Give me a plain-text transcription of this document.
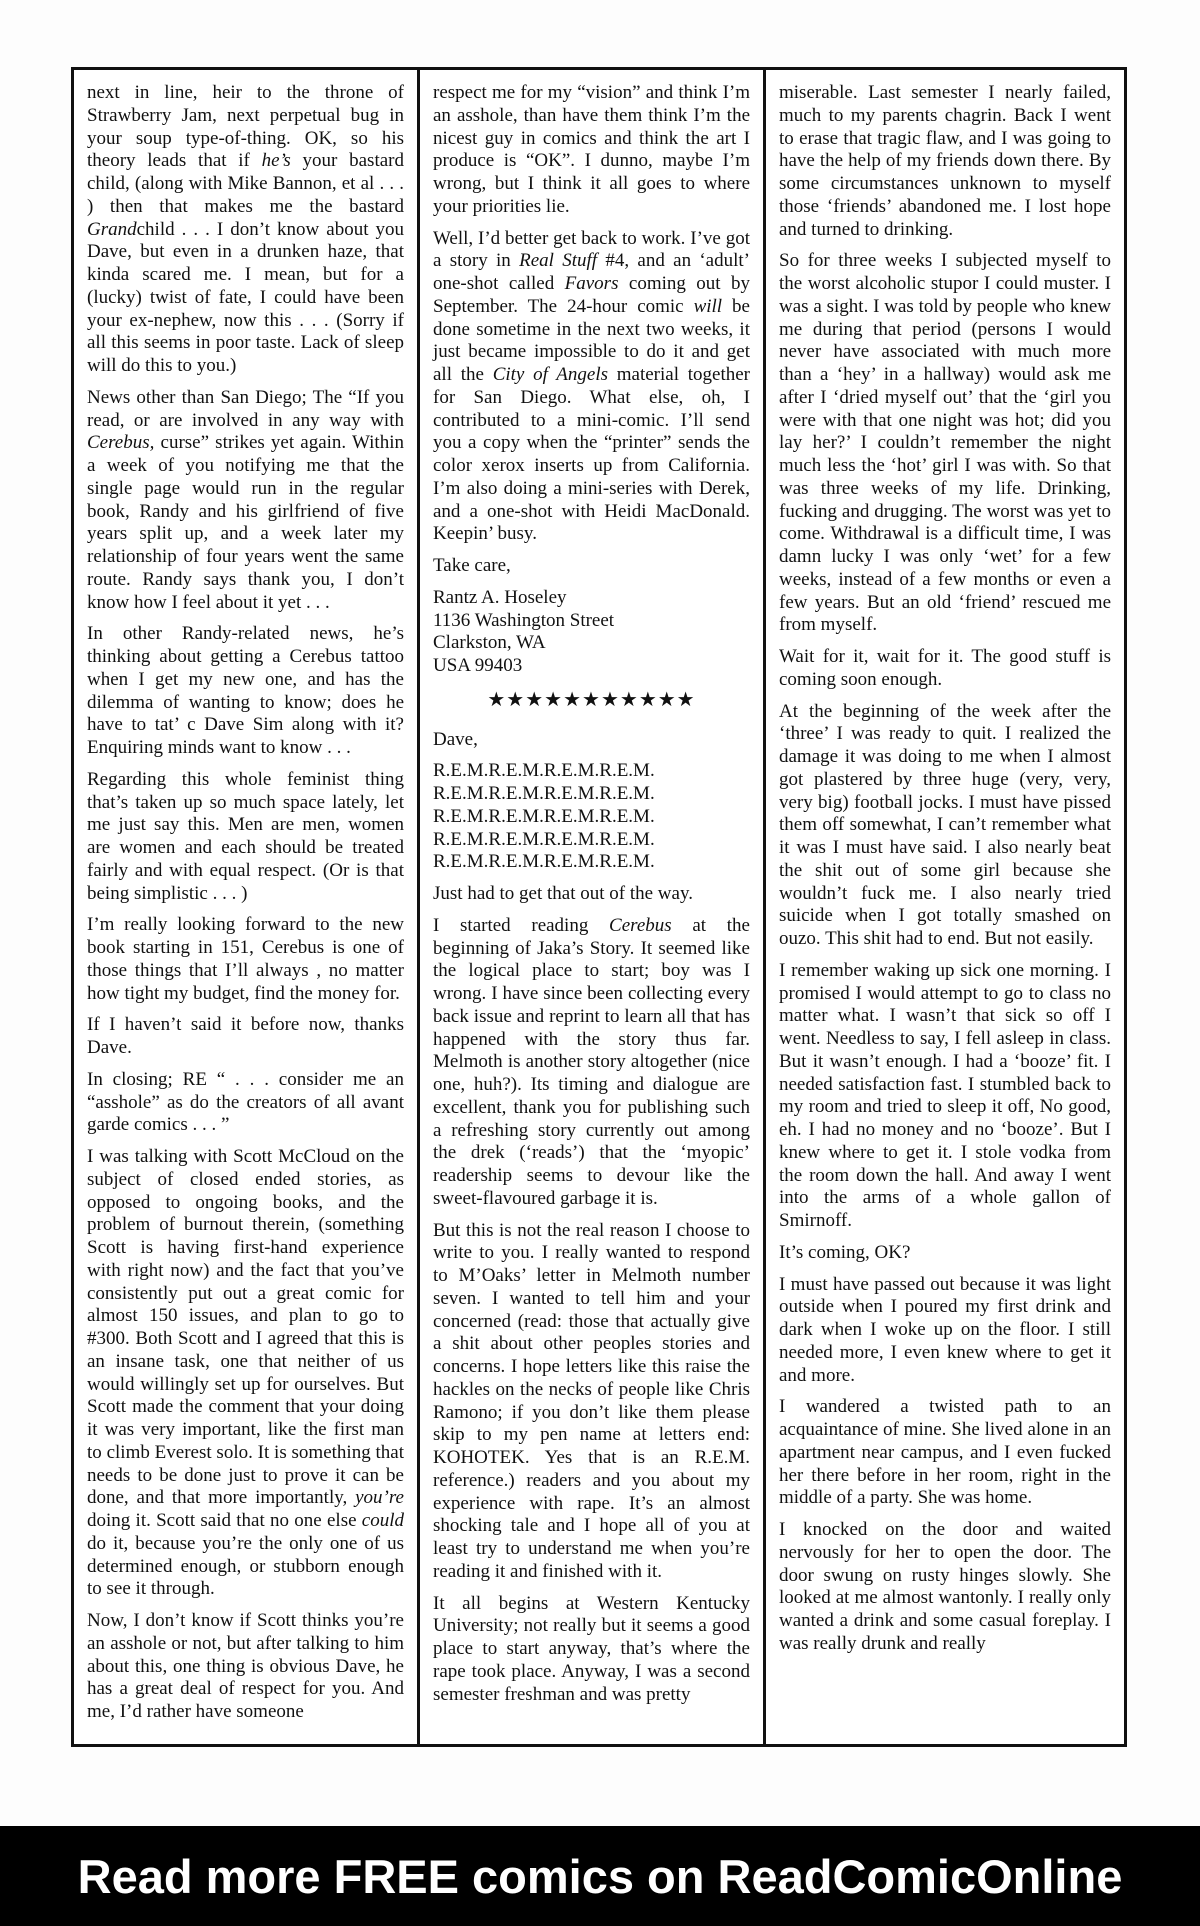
next in line, heir to the throne of Strawberry Jam, next perpetual bug in your soup type-of-thing. OK, so his theory leads that if he’s your bastard child, (along with Mike Bannon, et al . . . ) then that makes me the bastard Grandchild . . . I don’t know about you Dave, but even in a drunken haze, that kinda scared me. I mean, but for a (lucky) twist of fate, I could have been your ex-nephew, now this . . . (Sorry if all this seems in poor taste. Lack of sleep will do this to you.)

News other than San Diego; The “If you read, or are involved in any way with Cerebus, curse” strikes yet again. Within a week of you notifying me that the single page would run in the regular book, Randy and his girlfriend of five years split up, and a week later my relationship of four years went the same route. Randy says thank you, I don’t know how I feel about it yet . . .

In other Randy-related news, he’s thinking about getting a Cerebus tattoo when I get my new one, and has the dilemma of wanting to know; does he have to tat’ c Dave Sim along with it? Enquiring minds want to know . . .

Regarding this whole feminist thing that’s taken up so much space lately, let me just say this. Men are men, women are women and each should be treated fairly and with equal respect. (Or is that being simplistic . . . )

I’m really looking forward to the new book starting in 151, Cerebus is one of those things that I’ll always , no matter how tight my budget, find the money for.

If I haven’t said it before now, thanks Dave.

In closing; RE “ . . . consider me an “asshole” as do the creators of all avant garde comics . . . ”

I was talking with Scott McCloud on the subject of closed ended stories, as opposed to ongoing books, and the problem of burnout therein, (something Scott is having first-hand experience with right now) and the fact that you’ve consistently put out a great comic for almost 150 issues, and plan to go to #300. Both Scott and I agreed that this is an insane task, one that neither of us would willingly set up for ourselves. But Scott made the comment that your doing it was very important, like the first man to climb Everest solo. It is something that needs to be done just to prove it can be done, and that more importantly, you’re doing it. Scott said that no one else could do it, because you’re the only one of us determined enough, or stubborn enough to see it through.

Now, I don’t know if Scott thinks you’re an asshole or not, but after talking to him about this, one thing is obvious Dave, he has a great deal of respect for you. And me, I’d rather have someone

respect me for my “vision” and think I’m an asshole, than have them think I’m the nicest guy in comics and think the art I produce is “OK”. I dunno, maybe I’m wrong, but I think it all goes to where your priorities lie.

Well, I’d better get back to work. I’ve got a story in Real Stuff #4, and an ‘adult’ one-shot called Favors coming out by September. The 24-hour comic will be done sometime in the next two weeks, it just became impossible to do it and get all the City of Angels material together for San Diego. What else, oh, I contributed to a mini-comic. I’ll send you a copy when the “printer” sends the color xerox inserts up from California. I’m also doing a mini-series with Derek, and a one-shot with Heidi MacDonald. Keepin’ busy.

Take care,

Rantz A. Hoseley
1136 Washington Street
Clarkston, WA
USA 99403
★★★★★★★★★★★

Dave,

R.E.M.R.E.M.R.E.M.R.E.M.
R.E.M.R.E.M.R.E.M.R.E.M.
R.E.M.R.E.M.R.E.M.R.E.M.
R.E.M.R.E.M.R.E.M.R.E.M.
R.E.M.R.E.M.R.E.M.R.E.M.

Just had to get that out of the way.

I started reading Cerebus at the beginning of Jaka’s Story. It seemed like the logical place to start; boy was I wrong. I have since been collecting every back issue and reprint to learn all that has happened with the story thus far. Melmoth is another story altogether (nice one, huh?). Its timing and dialogue are excellent, thank you for publishing such a refreshing story currently out among the drek (‘reads’) that the ‘myopic’ readership seems to devour like the sweet-flavoured garbage it is.

But this is not the real reason I choose to write to you. I really wanted to respond to M’Oaks’ letter in Melmoth number seven. I wanted to tell him and your concerned (read: those that actually give a shit about other peoples stories and concerns. I hope letters like this raise the hackles on the necks of people like Chris Ramono; if you don’t like them please skip to my pen name at letters end: KOHOTEK. Yes that is an R.E.M. reference.) readers and you about my experience with rape. It’s an almost shocking tale and I hope all of you at least try to understand me when you’re reading it and finished with it.

It all begins at Western Kentucky University; not really but it seems a good place to start anyway, that’s where the rape took place. Anyway, I was a second semester freshman and was pretty

miserable. Last semester I nearly failed, much to my parents chagrin. Back I went to erase that tragic flaw, and I was going to have the help of my friends down there. By some circumstances unknown to myself those ‘friends’ abandoned me. I lost hope and turned to drinking.

So for three weeks I subjected myself to the worst alcoholic stupor I could muster. I was a sight. I was told by people who knew me during that period (persons I would never have associated with much more than a ‘hey’ in a hallway) would ask me after I ‘dried myself out’ that the ‘girl you were with that one night was hot; did you lay her?’ I couldn’t remember the night much less the ‘hot’ girl I was with. So that was three weeks of my life. Drinking, fucking and drugging. The worst was yet to come. Withdrawal is a difficult time, I was damn lucky I was only ‘wet’ for a few weeks, instead of a few months or even a few years. But an old ‘friend’ rescued me from myself.

Wait for it, wait for it. The good stuff is coming soon enough.

At the beginning of the week after the ‘three’ I was ready to quit. I realized the damage it was doing to me when I almost got plastered by three huge (very, very, very big) football jocks. I must have pissed them off somewhat, I can’t remember what it was I must have said. I also nearly beat the shit out of some girl because she wouldn’t fuck me. I also nearly tried suicide when I got totally smashed on ouzo. This shit had to end. But not easily.

I remember waking up sick one morning. I promised I would attempt to go to class no matter what. I wasn’t that sick so off I went. Needless to say, I fell asleep in class. But it wasn’t enough. I had a ‘booze’ fit. I needed satisfaction fast. I stumbled back to my room and tried to sleep it off, No good, eh. I had no money and no ‘booze’. But I knew where to get it. I stole vodka from the room down the hall. And away I went into the arms of a whole gallon of Smirnoff.

It’s coming, OK?

I must have passed out because it was light outside when I poured my first drink and dark when I woke up on the floor. I still needed more, I even knew where to get it and more.

I wandered a twisted path to an acquaintance of mine. She lived alone in an apartment near campus, and I even fucked her there before in her room, right in the middle of a party. She was home.

I knocked on the door and waited nervously for her to open the door. The door swung on rusty hinges slowly. She looked at me almost wantonly. I really only wanted a drink and some casual foreplay. I was really drunk and really

Read more FREE comics on ReadComicOnline
